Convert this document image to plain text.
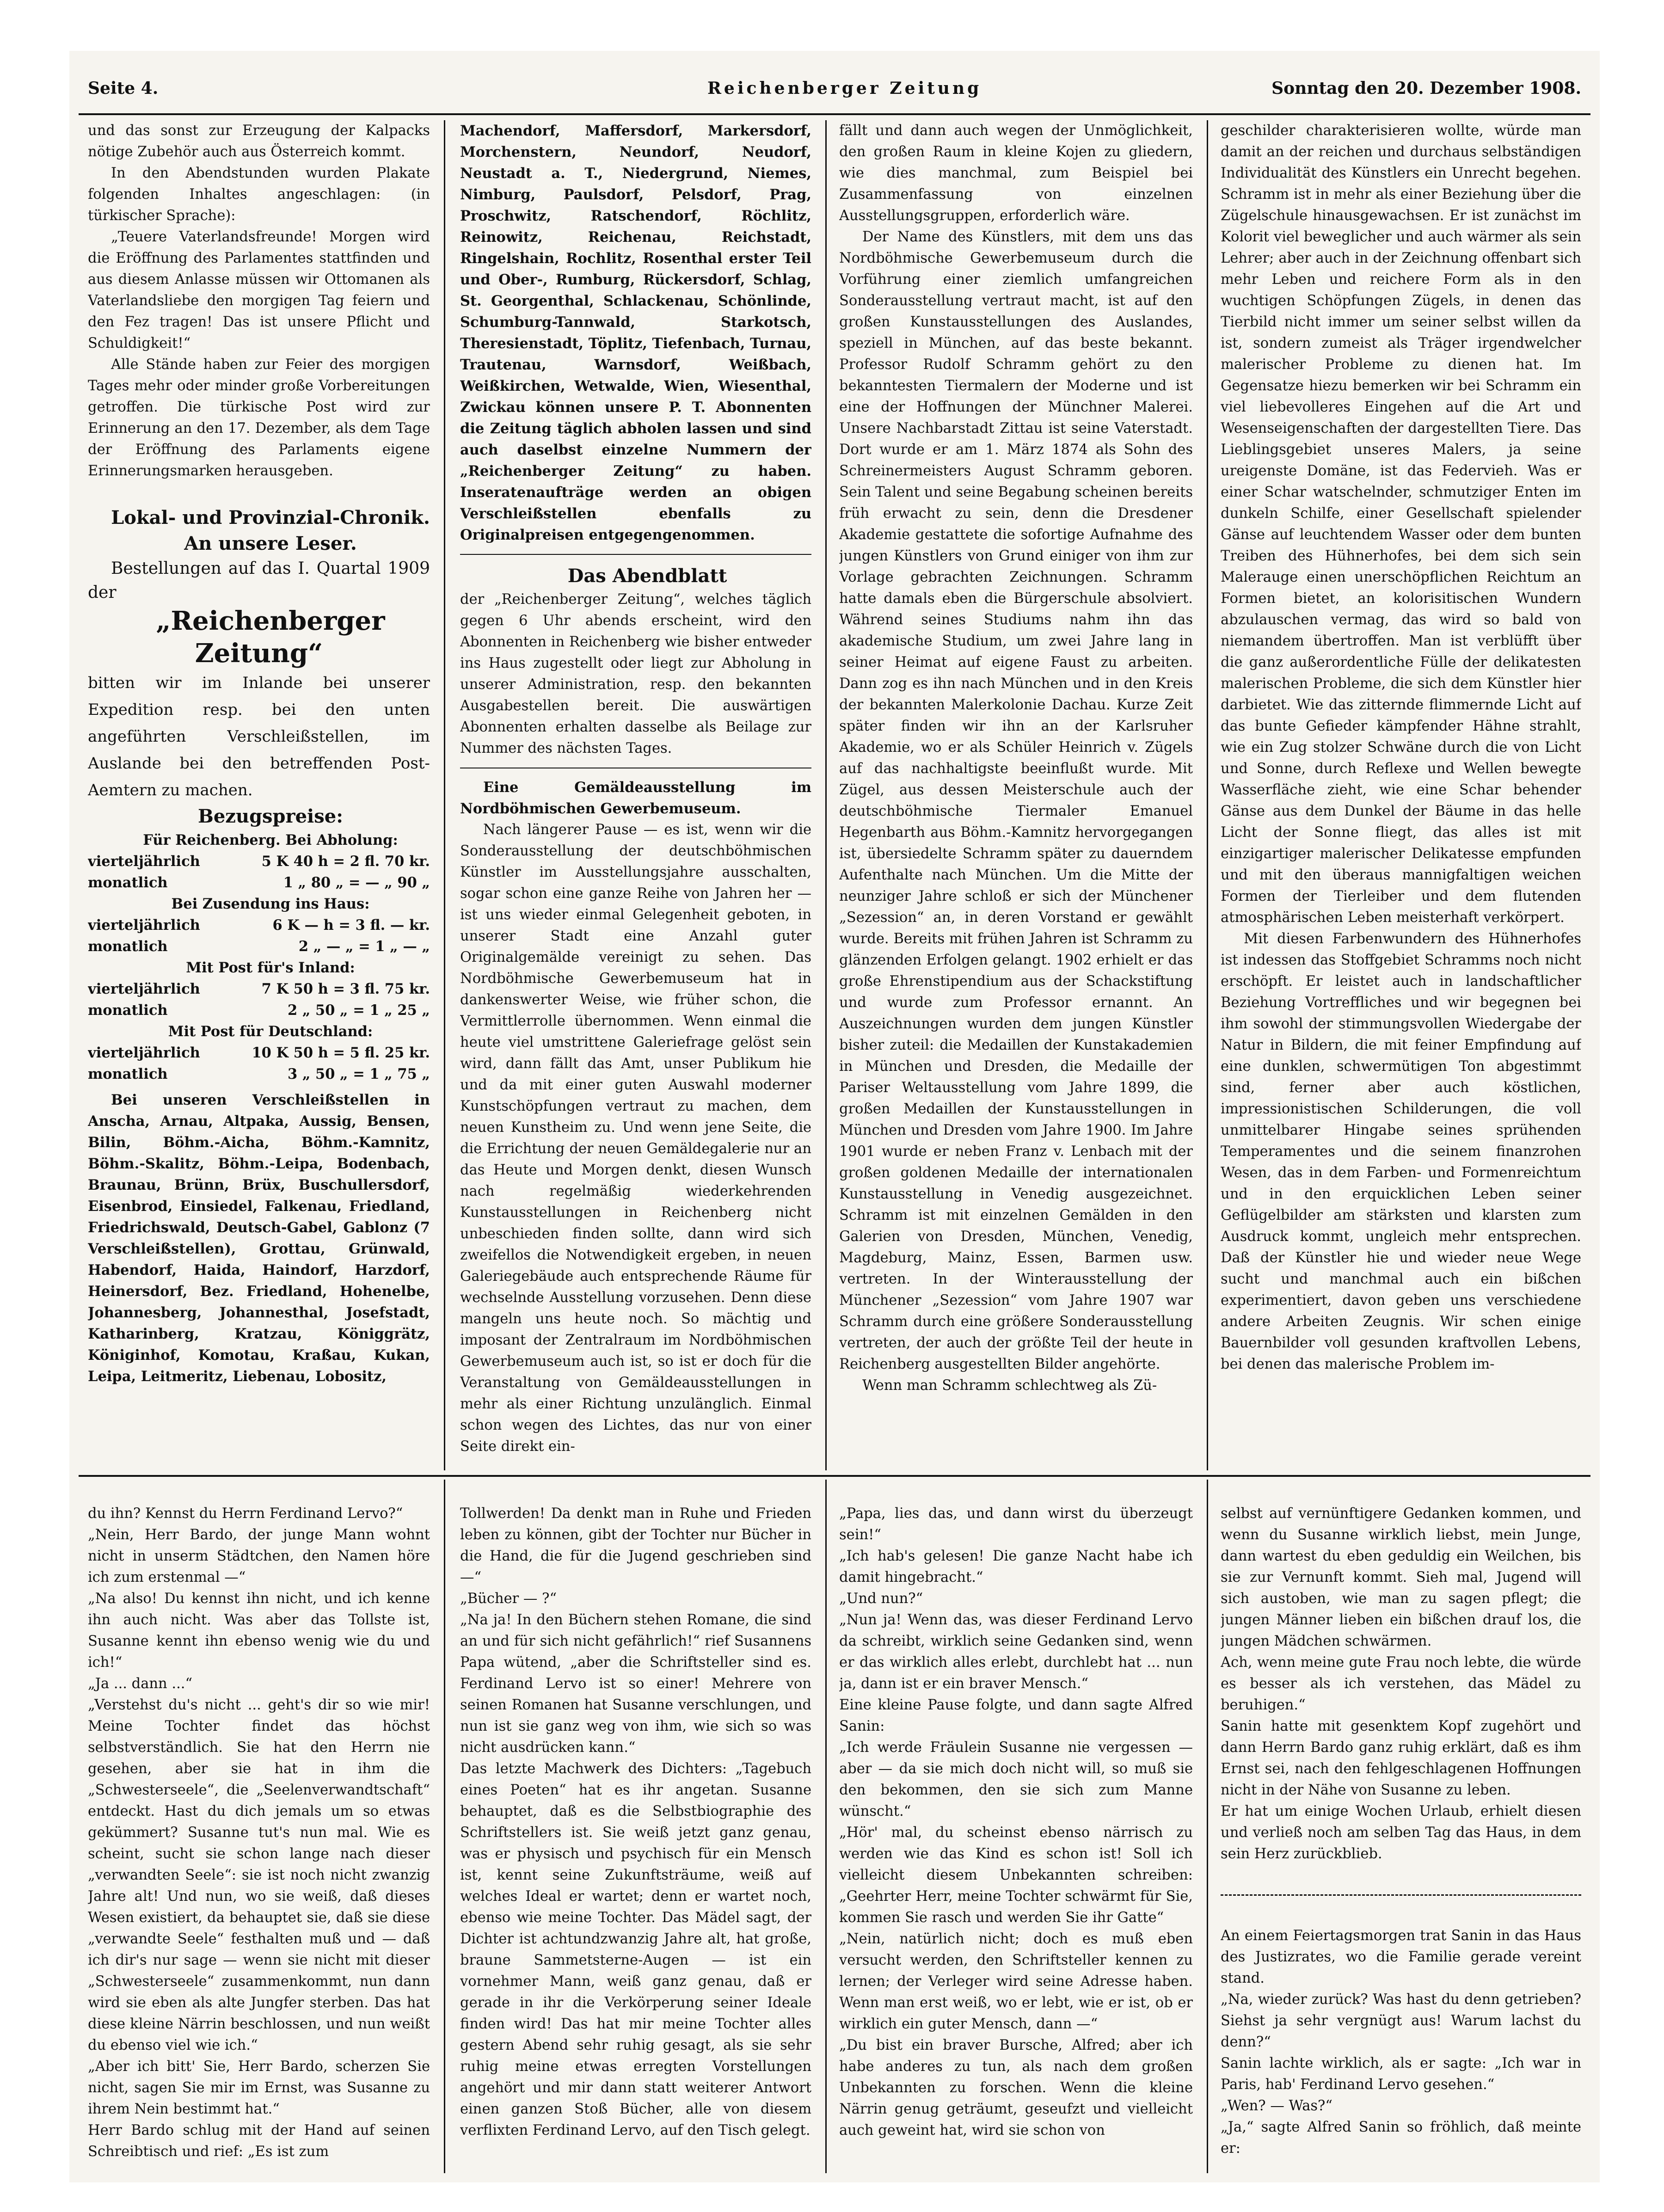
Seite 4.	Reichenberger Zeitung	Sonntag den 20. Dezember 1908.

und das sonst zur Erzeugung der Kalpacks nötige Zubehör auch aus Österreich kommt.

In den Abendstunden wurden Plakate folgenden Inhaltes angeschlagen: (in türkischer Sprache):

„Teuere Vaterlandsfreunde! Morgen wird die Eröffnung des Parlamentes stattfinden und aus diesem Anlasse müssen wir Ottomanen als Vaterlandsliebe den morgigen Tag feiern und den Fez tragen! Das ist unsere Pflicht und Schuldigkeit!“

Alle Stände haben zur Feier des morgigen Tages mehr oder minder große Vorbereitungen getroffen. Die türkische Post wird zur Erinnerung an den 17. Dezember, als dem Tage der Eröffnung des Parlaments eigene Erinnerungsmarken herausgeben.

Lokal- und Provinzial-Chronik.

An unsere Leser.

Bestellungen auf das I. Quartal 1909 der

„Reichenberger Zeitung“

bitten wir im Inlande bei unserer Expedition resp. bei den unten angeführten Verschleißstellen, im Auslande bei den betreffenden Post-Aemtern zu machen.

Bezugspreise:

Für Reichenberg. Bei Abholung:

vierteljährlich	5 K 40 h = 2 fl. 70 kr.
monatlich	1 „ 80 „ = — „ 90 „

Bei Zusendung ins Haus:

vierteljährlich	6 K — h = 3 fl. — kr.
monatlich	2 „ — „ = 1 „ — „

Mit Post für's Inland:

vierteljährlich	7 K 50 h = 3 fl. 75 kr.
monatlich	2 „ 50 „ = 1 „ 25 „

Mit Post für Deutschland:

vierteljährlich	10 K 50 h = 5 fl. 25 kr.
monatlich	3 „ 50 „ = 1 „ 75 „

Bei unseren Verschleißstellen in Anscha, Arnau, Altpaka, Aussig, Bensen, Bilin, Böhm.-Aicha, Böhm.-Kamnitz, Böhm.-Skalitz, Böhm.-Leipa, Bodenbach, Braunau, Brünn, Brüx, Buschullersdorf, Eisenbrod, Einsiedel, Falkenau, Friedland, Friedrichswald, Deutsch-Gabel, Gablonz (7 Verschleißstellen), Grottau, Grünwald, Habendorf, Haida, Haindorf, Harzdorf, Heinersdorf, Bez. Friedland, Hohenelbe, Johannesberg, Johannesthal, Josefstadt, Katharinberg, Kratzau, Königgrätz, Königinhof, Komotau, Kraßau, Kukan, Leipa, Leitmeritz, Liebenau, Lobositz,

Machendorf, Maffersdorf, Markersdorf, Morchenstern, Neundorf, Neudorf, Neustadt a. T., Niedergrund, Niemes, Nimburg, Paulsdorf, Pelsdorf, Prag, Proschwitz, Ratschendorf, Röchlitz, Reinowitz, Reichenau, Reichstadt, Ringelshain, Rochlitz, Rosenthal erster Teil und Ober-, Rumburg, Rückersdorf, Schlag, St. Georgenthal, Schlackenau, Schönlinde, Schumburg-Tannwald, Starkotsch, Theresienstadt, Töplitz, Tiefenbach, Turnau, Trautenau, Warnsdorf, Weißbach, Weißkirchen, Wetwalde, Wien, Wiesenthal, Zwickau können unsere P. T. Abonnenten die Zeitung täglich abholen lassen und sind auch daselbst einzelne Nummern der „Reichenberger Zeitung“ zu haben. Inseratenaufträge werden an obigen Verschleißstellen ebenfalls zu Originalpreisen entgegengenommen.

Das Abendblatt

der „Reichenberger Zeitung“, welches täglich gegen 6 Uhr abends erscheint, wird den Abonnenten in Reichenberg wie bisher entweder ins Haus zugestellt oder liegt zur Abholung in unserer Administration, resp. den bekannten Ausgabestellen bereit. Die auswärtigen Abonnenten erhalten dasselbe als Beilage zur Nummer des nächsten Tages.

Eine Gemäldeausstellung im Nordböhmischen Gewerbemuseum.

Nach längerer Pause — es ist, wenn wir die Sonderausstellung der deutschböhmischen Künstler im Ausstellungsjahre ausschalten, sogar schon eine ganze Reihe von Jahren her — ist uns wieder einmal Gelegenheit geboten, in unserer Stadt eine Anzahl guter Originalgemälde vereinigt zu sehen. Das Nordböhmische Gewerbemuseum hat in dankenswerter Weise, wie früher schon, die Vermittlerrolle übernommen. Wenn einmal die heute viel umstrittene Galeriefrage gelöst sein wird, dann fällt das Amt, unser Publikum hie und da mit einer guten Auswahl moderner Kunstschöpfungen vertraut zu machen, dem neuen Kunstheim zu. Und wenn jene Seite, die die Errichtung der neuen Gemäldegalerie nur an das Heute und Morgen denkt, diesen Wunsch nach regelmäßig wiederkehrenden Kunstausstellungen in Reichenberg nicht unbeschieden finden sollte, dann wird sich zweifellos die Notwendigkeit ergeben, in neuen Galeriegebäude auch entsprechende Räume für wechselnde Ausstellung vorzusehen. Denn diese mangeln uns heute noch. So mächtig und imposant der Zentralraum im Nordböhmischen Gewerbemuseum auch ist, so ist er doch für die Veranstaltung von Gemäldeausstellungen in mehr als einer Richtung unzulänglich. Einmal schon wegen des Lichtes, das nur von einer Seite direkt ein-

fällt und dann auch wegen der Unmöglichkeit, den großen Raum in kleine Kojen zu gliedern, wie dies manchmal, zum Beispiel bei Zusammenfassung von einzelnen Ausstellungsgruppen, erforderlich wäre.

Der Name des Künstlers, mit dem uns das Nordböhmische Gewerbemuseum durch die Vorführung einer ziemlich umfangreichen Sonderausstellung vertraut macht, ist auf den großen Kunstausstellungen des Auslandes, speziell in München, auf das beste bekannt. Professor Rudolf Schramm gehört zu den bekanntesten Tiermalern der Moderne und ist eine der Hoffnungen der Münchner Malerei. Unsere Nachbarstadt Zittau ist seine Vaterstadt. Dort wurde er am 1. März 1874 als Sohn des Schreinermeisters August Schramm geboren. Sein Talent und seine Begabung scheinen bereits früh erwacht zu sein, denn die Dresdener Akademie gestattete die sofortige Aufnahme des jungen Künstlers von Grund einiger von ihm zur Vorlage gebrachten Zeichnungen. Schramm hatte damals eben die Bürgerschule absolviert. Während seines Studiums nahm ihn das akademische Studium, um zwei Jahre lang in seiner Heimat auf eigene Faust zu arbeiten. Dann zog es ihn nach München und in den Kreis der bekannten Malerkolonie Dachau. Kurze Zeit später finden wir ihn an der Karlsruher Akademie, wo er als Schüler Heinrich v. Zügels auf das nachhaltigste beeinflußt wurde. Mit Zügel, aus dessen Meisterschule auch der deutschböhmische Tiermaler Emanuel Hegenbarth aus Böhm.-Kamnitz hervorgegangen ist, übersiedelte Schramm später zu dauerndem Aufenthalte nach München. Um die Mitte der neunziger Jahre schloß er sich der Münchener „Sezession“ an, in deren Vorstand er gewählt wurde. Bereits mit frühen Jahren ist Schramm zu glänzenden Erfolgen gelangt. 1902 erhielt er das große Ehrenstipendium aus der Schackstiftung und wurde zum Professor ernannt. An Auszeichnungen wurden dem jungen Künstler bisher zuteil: die Medaillen der Kunstakademien in München und Dresden, die Medaille der Pariser Weltausstellung vom Jahre 1899, die großen Medaillen der Kunstausstellungen in München und Dresden vom Jahre 1900. Im Jahre 1901 wurde er neben Franz v. Lenbach mit der großen goldenen Medaille der internationalen Kunstausstellung in Venedig ausgezeichnet. Schramm ist mit einzelnen Gemälden in den Galerien von Dresden, München, Venedig, Magdeburg, Mainz, Essen, Barmen usw. vertreten. In der Winterausstellung der Münchener „Sezession“ vom Jahre 1907 war Schramm durch eine größere Sonderausstellung vertreten, der auch der größte Teil der heute in Reichenberg ausgestellten Bilder angehörte.

Wenn man Schramm schlechtweg als Zü-

geschilder charakterisieren wollte, würde man damit an der reichen und durchaus selbständigen Individualität des Künstlers ein Unrecht begehen. Schramm ist in mehr als einer Beziehung über die Zügelschule hinausgewachsen. Er ist zunächst im Kolorit viel beweglicher und auch wärmer als sein Lehrer; aber auch in der Zeichnung offenbart sich mehr Leben und reichere Form als in den wuchtigen Schöpfungen Zügels, in denen das Tierbild nicht immer um seiner selbst willen da ist, sondern zumeist als Träger irgendwelcher malerischer Probleme zu dienen hat. Im Gegensatze hiezu bemerken wir bei Schramm ein viel liebevolleres Eingehen auf die Art und Wesenseigenschaften der dargestellten Tiere. Das Lieblingsgebiet unseres Malers, ja seine ureigenste Domäne, ist das Federvieh. Was er einer Schar watschelnder, schmutziger Enten im dunkeln Schilfe, einer Gesellschaft spielender Gänse auf leuchtendem Wasser oder dem bunten Treiben des Hühnerhofes, bei dem sich sein Malerauge einen unerschöpflichen Reichtum an Formen bietet, an kolorisitischen Wundern abzulauschen vermag, das wird so bald von niemandem übertroffen. Man ist verblüfft über die ganz außerordentliche Fülle der delikatesten malerischen Probleme, die sich dem Künstler hier darbietet. Wie das zitternde flimmernde Licht auf das bunte Gefieder kämpfender Hähne strahlt, wie ein Zug stolzer Schwäne durch die von Licht und Sonne, durch Reflexe und Wellen bewegte Wasserfläche zieht, wie eine Schar behender Gänse aus dem Dunkel der Bäume in das helle Licht der Sonne fliegt, das alles ist mit einzigartiger malerischer Delikatesse empfunden und mit den überaus mannigfaltigen weichen Formen der Tierleiber und dem flutenden atmosphärischen Leben meisterhaft verkörpert.

Mit diesen Farbenwundern des Hühnerhofes ist indessen das Stoffgebiet Schramms noch nicht erschöpft. Er leistet auch in landschaftlicher Beziehung Vortreffliches und wir begegnen bei ihm sowohl der stimmungsvollen Wiedergabe der Natur in Bildern, die mit feiner Empfindung auf eine dunklen, schwermütigen Ton abgestimmt sind, ferner aber auch köstlichen, impressionistischen Schilderungen, die voll unmittelbarer Hingabe seines sprühenden Temperamentes und die seinem finanzrohen Wesen, das in dem Farben- und Formenreichtum und in den erquicklichen Leben seiner Geflügelbilder am stärksten und klarsten zum Ausdruck kommt, ungleich mehr entsprechen. Daß der Künstler hie und wieder neue Wege sucht und manchmal auch ein bißchen experimentiert, davon geben uns verschiedene andere Arbeiten Zeugnis. Wir schen einige Bauernbilder voll gesunden kraftvollen Lebens, bei denen das malerische Problem im-

du ihn? Kennst du Herrn Ferdinand Lervo?“
„Nein, Herr Bardo, der junge Mann wohnt nicht in unserm Städtchen, den Namen höre ich zum erstenmal —“
„Na also! Du kennst ihn nicht, und ich kenne ihn auch nicht. Was aber das Tollste ist, Susanne kennt ihn ebenso wenig wie du und ich!“
„Ja ... dann ...“
„Verstehst du's nicht ... geht's dir so wie mir! Meine Tochter findet das höchst selbstverständlich. Sie hat den Herrn nie gesehen, aber sie hat in ihm die „Schwesterseele“, die „Seelenverwandtschaft“ entdeckt. Hast du dich jemals um so etwas gekümmert? Susanne tut's nun mal. Wie es scheint, sucht sie schon lange nach dieser „verwandten Seele“: sie ist noch nicht zwanzig Jahre alt! Und nun, wo sie weiß, daß dieses Wesen existiert, da behauptet sie, daß sie diese „verwandte Seele“ festhalten muß und — daß ich dir's nur sage — wenn sie nicht mit dieser „Schwesterseele“ zusammenkommt, nun dann wird sie eben als alte Jungfer sterben. Das hat diese kleine Närrin beschlossen, und nun weißt du ebenso viel wie ich.“
„Aber ich bitt' Sie, Herr Bardo, scherzen Sie nicht, sagen Sie mir im Ernst, was Susanne zu ihrem Nein bestimmt hat.“
Herr Bardo schlug mit der Hand auf seinen Schreibtisch und rief: „Es ist zum

Tollwerden! Da denkt man in Ruhe und Frieden leben zu können, gibt der Tochter nur Bücher in die Hand, die für die Jugend geschrieben sind —“
„Bücher — ?“
„Na ja! In den Büchern stehen Romane, die sind an und für sich nicht gefährlich!“ rief Susannens Papa wütend, „aber die Schriftsteller sind es. Ferdinand Lervo ist so einer! Mehrere von seinen Romanen hat Susanne verschlungen, und nun ist sie ganz weg von ihm, wie sich so was nicht ausdrücken kann.“
Das letzte Machwerk des Dichters: „Tagebuch eines Poeten“ hat es ihr angetan. Susanne behauptet, daß es die Selbstbiographie des Schriftstellers ist. Sie weiß jetzt ganz genau, was er physisch und psychisch für ein Mensch ist, kennt seine Zukunftsträume, weiß auf welches Ideal er wartet; denn er wartet noch, ebenso wie meine Tochter. Das Mädel sagt, der Dichter ist achtundzwanzig Jahre alt, hat große, braune Sammetsterne-Augen — ist ein vornehmer Mann, weiß ganz genau, daß er gerade in ihr die Verkörperung seiner Ideale finden wird! Das hat mir meine Tochter alles gestern Abend sehr ruhig gesagt, als sie sehr ruhig meine etwas erregten Vorstellungen angehört und mir dann statt weiterer Antwort einen ganzen Stoß Bücher, alle von diesem verflixten Ferdinand Lervo, auf den Tisch gelegt.

„Papa, lies das, und dann wirst du überzeugt sein!“
„Ich hab's gelesen! Die ganze Nacht habe ich damit hingebracht.“
„Und nun?“
„Nun ja! Wenn das, was dieser Ferdinand Lervo da schreibt, wirklich seine Gedanken sind, wenn er das wirklich alles erlebt, durchlebt hat ... nun ja, dann ist er ein braver Mensch.“
Eine kleine Pause folgte, und dann sagte Alfred Sanin:
„Ich werde Fräulein Susanne nie vergessen — aber — da sie mich doch nicht will, so muß sie den bekommen, den sie sich zum Manne wünscht.“
„Hör' mal, du scheinst ebenso närrisch zu werden wie das Kind es schon ist! Soll ich vielleicht diesem Unbekannten schreiben: „Geehrter Herr, meine Tochter schwärmt für Sie, kommen Sie rasch und werden Sie ihr Gatte“
„Nein, natürlich nicht; doch es muß eben versucht werden, den Schriftsteller kennen zu lernen; der Verleger wird seine Adresse haben. Wenn man erst weiß, wo er lebt, wie er ist, ob er wirklich ein guter Mensch, dann —“
„Du bist ein braver Bursche, Alfred; aber ich habe anderes zu tun, als nach dem großen Unbekannten zu forschen. Wenn die kleine Närrin genug geträumt, geseufzt und vielleicht auch geweint hat, wird sie schon von

selbst auf vernünftigere Gedanken kommen, und wenn du Susanne wirklich liebst, mein Junge, dann wartest du eben geduldig ein Weilchen, bis sie zur Vernunft kommt. Sieh mal, Jugend will sich austoben, wie man zu sagen pflegt; die jungen Männer lieben ein bißchen drauf los, die jungen Mädchen schwärmen.
Ach, wenn meine gute Frau noch lebte, die würde es besser als ich verstehen, das Mädel zu beruhigen.“
Sanin hatte mit gesenktem Kopf zugehört und dann Herrn Bardo ganz ruhig erklärt, daß es ihm Ernst sei, nach den fehlgeschlagenen Hoffnungen nicht in der Nähe von Susanne zu leben.
Er hat um einige Wochen Urlaub, erhielt diesen und verließ noch am selben Tag das Haus, in dem sein Herz zurückblieb.

An einem Feiertagsmorgen trat Sanin in das Haus des Justizrates, wo die Familie gerade vereint stand.
„Na, wieder zurück? Was hast du denn getrieben? Siehst ja sehr vergnügt aus! Warum lachst du denn?“
Sanin lachte wirklich, als er sagte: „Ich war in Paris, hab' Ferdinand Lervo gesehen.“
„Wen? — Was?“
„Ja,“ sagte Alfred Sanin so fröhlich, daß meinte er:
